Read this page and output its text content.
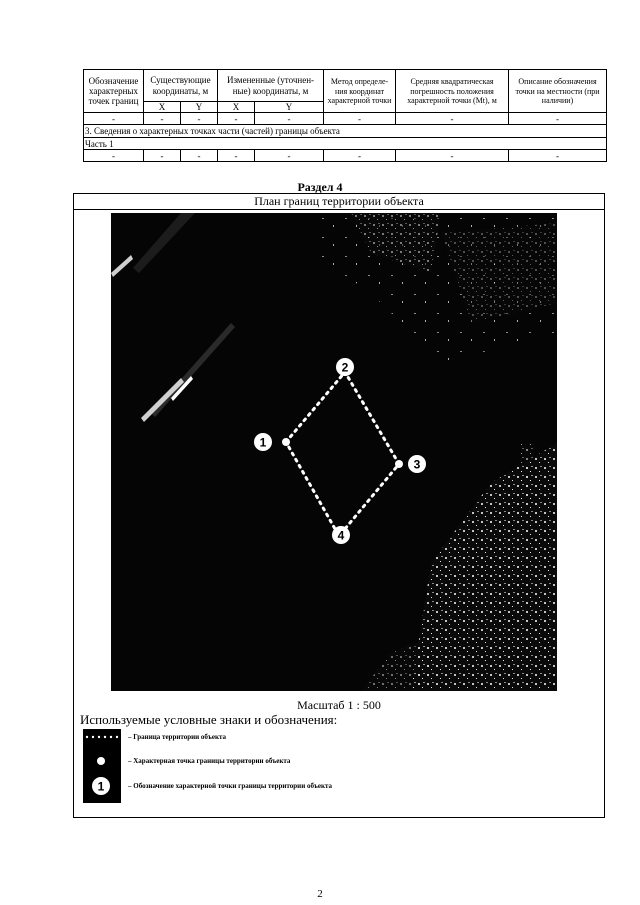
Обозначение характерных точек границ	Существующие координаты, м		Измененные (уточнен-ные) координаты, м		Метод определе-ния координат характерной точки	Средняя квадратическая погрешность положения характерной точки (Mt), м	Описание обозначения точки на местности (при наличии)
	X	Y	X	Y			
-	-	-	-	-	-	-	-
3. Сведения о характерных точках части (частей) границы объекта							
Часть 1							
-	-	-	-	-	-	-	-
Раздел 4
План границ территории объекта
1
2
3
4
Масштаб 1 : 500
Используемые условные знаки и обозначения:
1
– Граница территории объекта
– Характерная точка границы территории объекта
– Обозначение характерной точки границы территории объекта
2
